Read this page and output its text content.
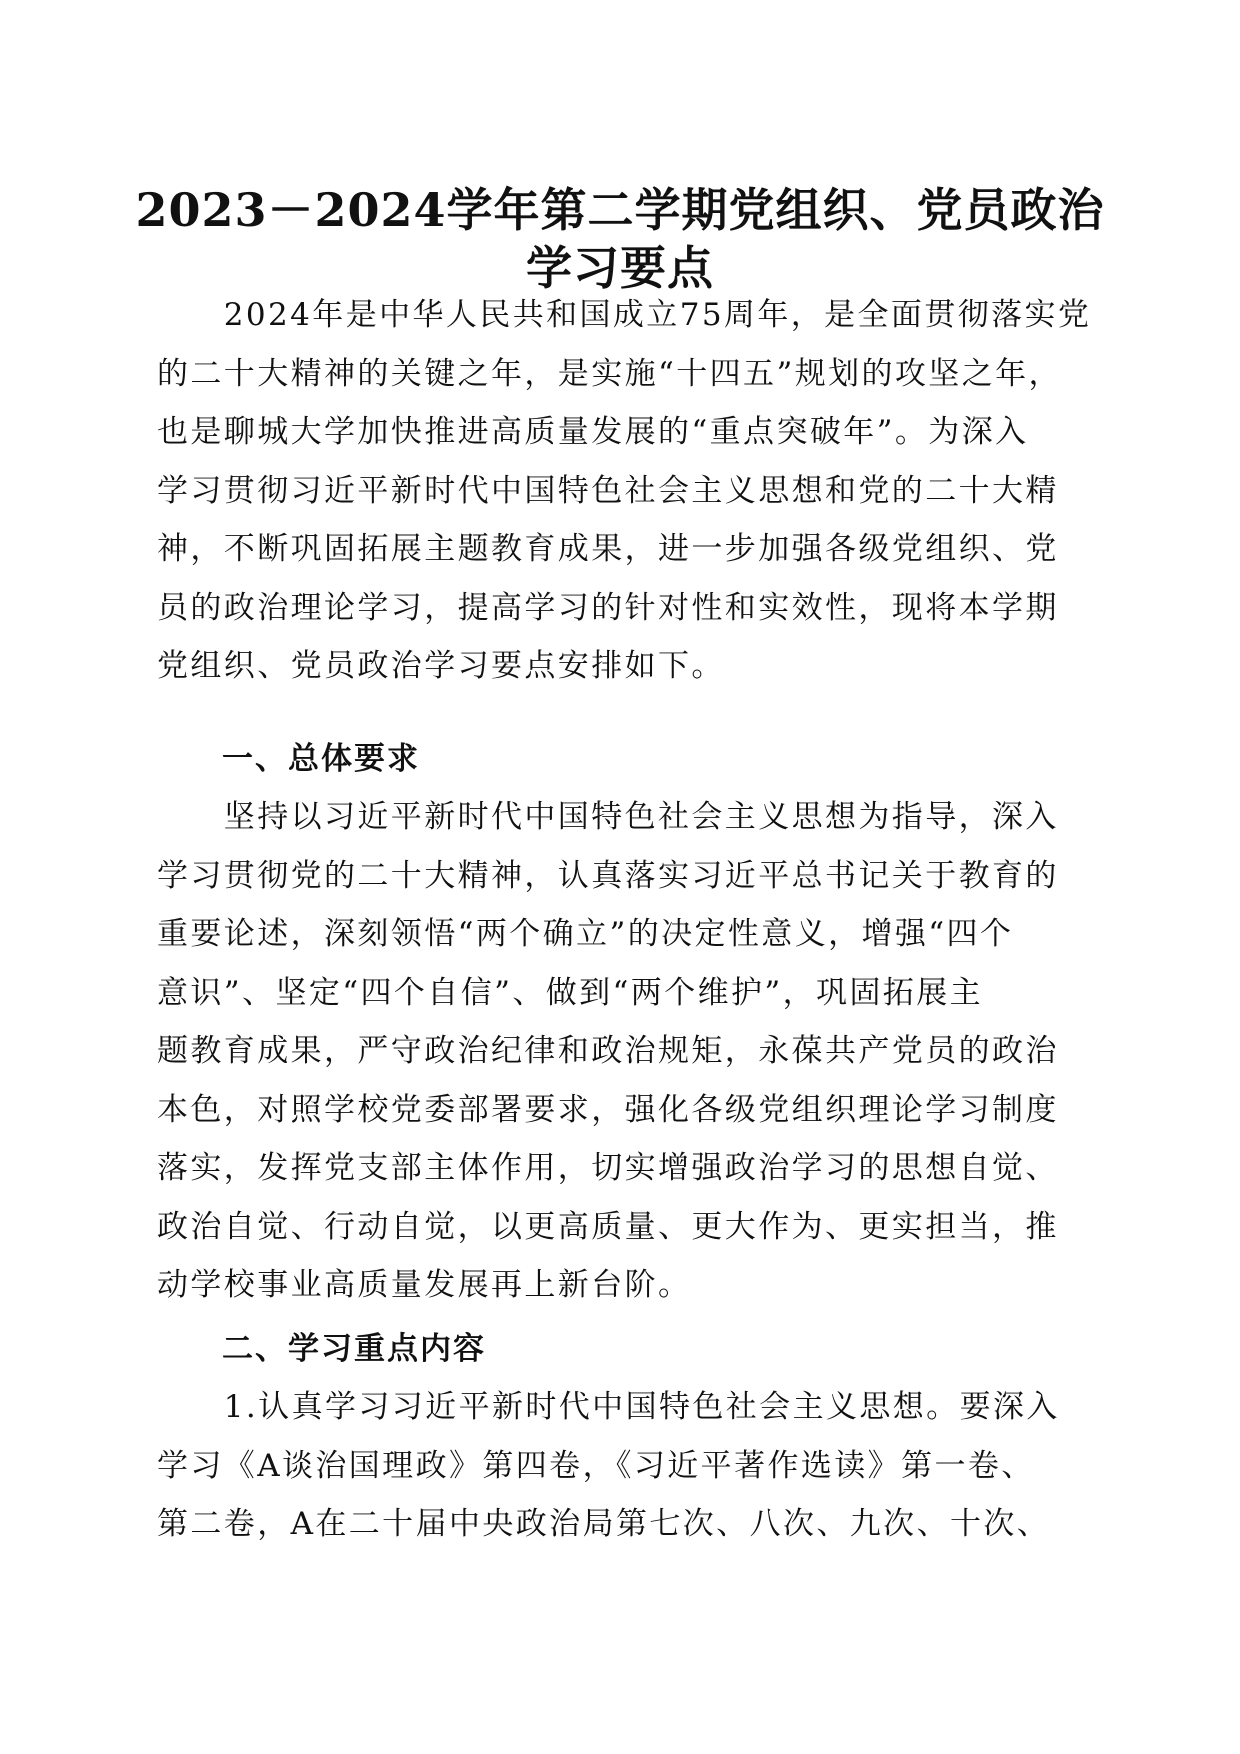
2023－2024学年第二学期党组织、党员政治
学习要点
　　2024年是中华人民共和国成立75周年，是全面贯彻落实党
的二十大精神的关键之年，是实施“十四五”规划的攻坚之年，
也是聊城大学加快推进高质量发展的“重点突破年”。为深入
学习贯彻习近平新时代中国特色社会主义思想和党的二十大精
神，不断巩固拓展主题教育成果，进一步加强各级党组织、党
员的政治理论学习，提高学习的针对性和实效性，现将本学期
党组织、党员政治学习要点安排如下。
一、总体要求
　　坚持以习近平新时代中国特色社会主义思想为指导，深入
学习贯彻党的二十大精神，认真落实习近平总书记关于教育的
重要论述，深刻领悟“两个确立”的决定性意义，增强“四个
意识”、坚定“四个自信”、做到“两个维护”，巩固拓展主
题教育成果，严守政治纪律和政治规矩，永葆共产党员的政治
本色，对照学校党委部署要求，强化各级党组织理论学习制度
落实，发挥党支部主体作用，切实增强政治学习的思想自觉、
政治自觉、行动自觉，以更高质量、更大作为、更实担当，推
动学校事业高质量发展再上新台阶。
二、学习重点内容
　　1.认真学习习近平新时代中国特色社会主义思想。要深入
学习《A谈治国理政》第四卷，《习近平著作选读》第一卷、
第二卷，A在二十届中央政治局第七次、八次、九次、十次、
